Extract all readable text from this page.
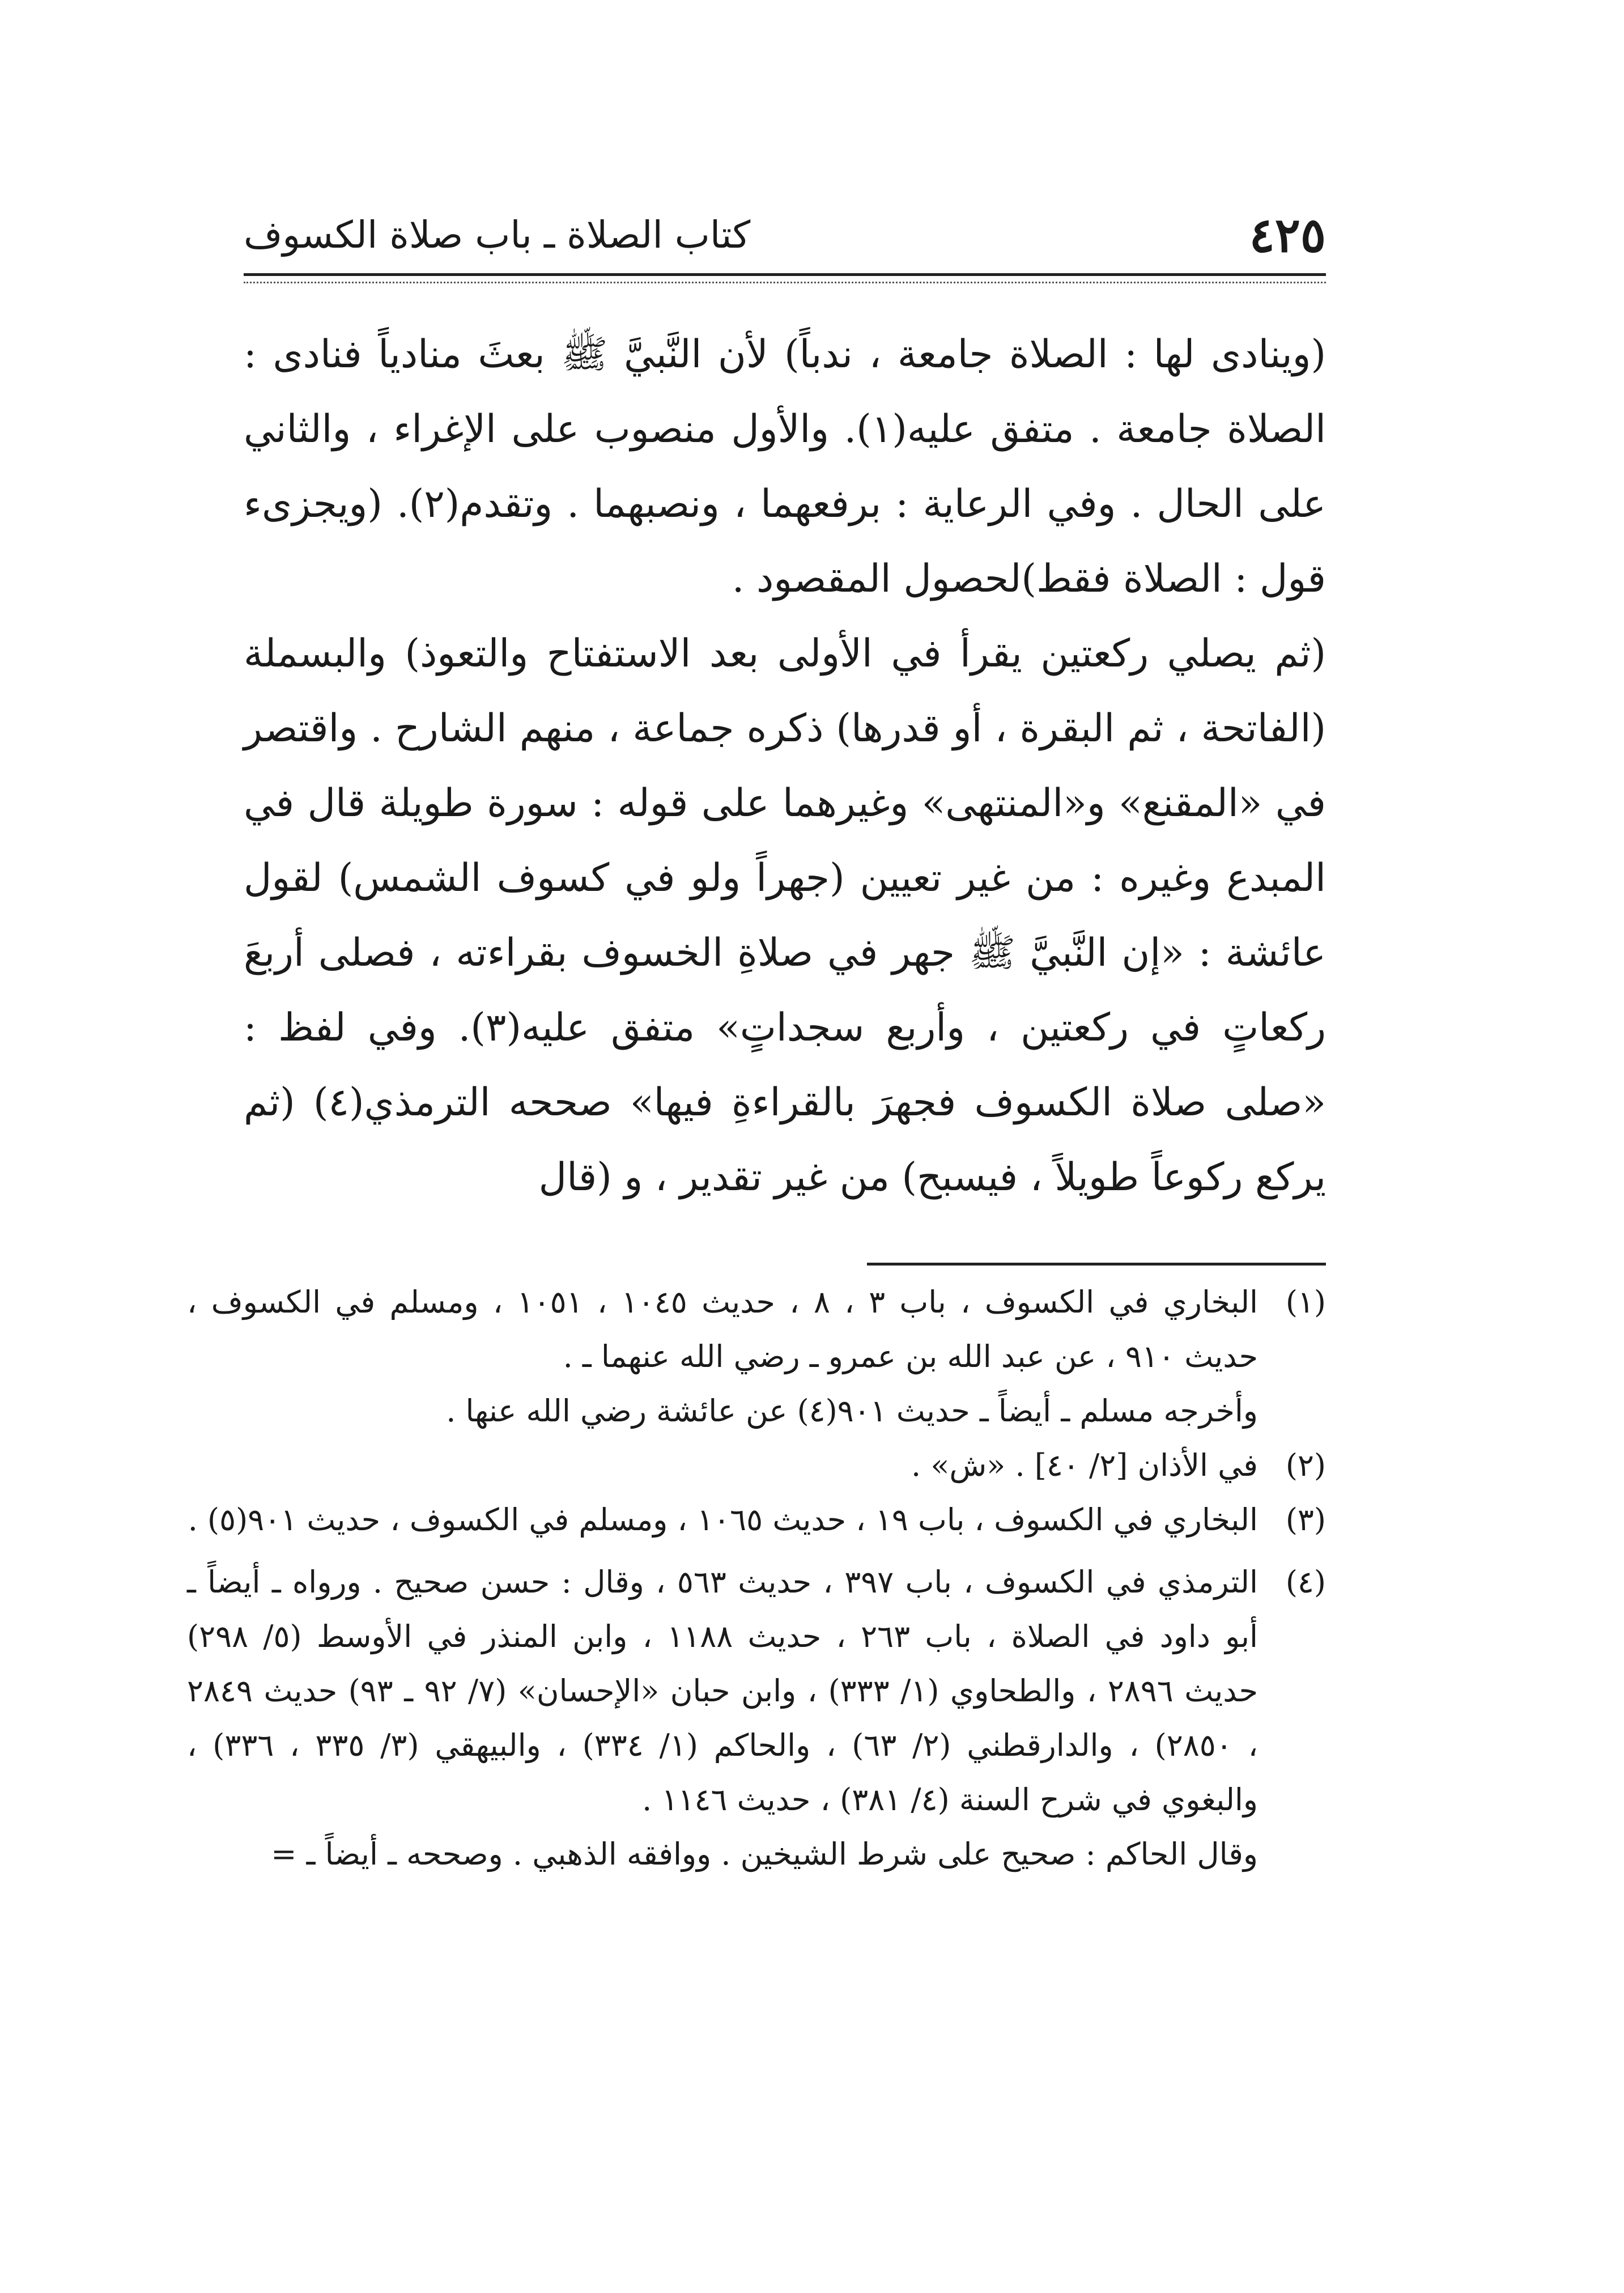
٤٢٥
كتاب الصلاة ـ باب صلاة الكسوف

(وينادى لها : الصلاة جامعة ، ندباً) لأن النَّبيَّ ﷺ بعثَ منادياً فنادى : الصلاة جامعة . متفق عليه(١). والأول منصوب على الإغراء ، والثاني على الحال . وفي الرعاية : برفعهما ، ونصبهما . وتقدم(٢). (ويجزىء قول : الصلاة فقط)لحصول المقصود .

(ثم يصلي ركعتين يقرأ في الأولى بعد الاستفتاح والتعوذ) والبسملة (الفاتحة ، ثم البقرة ، أو قدرها) ذكره جماعة ، منهم الشارح . واقتصر في «المقنع» و«المنتهى» وغيرهما على قوله : سورة طويلة قال في المبدع وغيره : من غير تعيين (جهراً ولو في كسوف الشمس) لقول عائشة : «إن النَّبيَّ ﷺ جهر في صلاةِ الخسوف بقراءته ، فصلى أربعَ ركعاتٍ في ركعتين ، وأربع سجداتٍ» متفق عليه(٣). وفي لفظ : «صلى صلاة الكسوف فجهرَ بالقراءةِ فيها» صححه الترمذي(٤) (ثم يركع ركوعاً طويلاً ، فيسبح) من غير تقدير ، و (قال

(١)
البخاري في الكسوف ، باب ٣ ، ٨ ، حديث ١٠٤٥ ، ١٠٥١ ، ومسلم في الكسوف ، حديث ٩١٠ ، عن عبد الله بن عمرو ـ رضي الله عنهما ـ .
وأخرجه مسلم ـ أيضاً ـ حديث ٩٠١(٤) عن عائشة رضي الله عنها .
(٢)
في الأذان [٢/ ٤٠] . «ش» .
(٣)
البخاري في الكسوف ، باب ١٩ ، حديث ١٠٦٥ ، ومسلم في الكسوف ، حديث ٩٠١(٥) .
(٤)
الترمذي في الكسوف ، باب ٣٩٧ ، حديث ٥٦٣ ، وقال : حسن صحيح . ورواه ـ أيضاً ـ أبو داود في الصلاة ، باب ٢٦٣ ، حديث ١١٨٨ ، وابن المنذر في الأوسط (٥/ ٢٩٨) حديث ٢٨٩٦ ، والطحاوي (١/ ٣٣٣) ، وابن حبان «الإحسان» (٧/ ٩٢ ـ ٩٣) حديث ٢٨٤٩ ، ٢٨٥٠) ، والدارقطني (٢/ ٦٣) ، والحاكم (١/ ٣٣٤) ، والبيهقي (٣/ ٣٣٥ ، ٣٣٦) ، والبغوي في شرح السنة (٤/ ٣٨١) ، حديث ١١٤٦ .
وقال الحاكم : صحيح على شرط الشيخين . ووافقه الذهبي . وصححه ـ أيضاً ـ =
